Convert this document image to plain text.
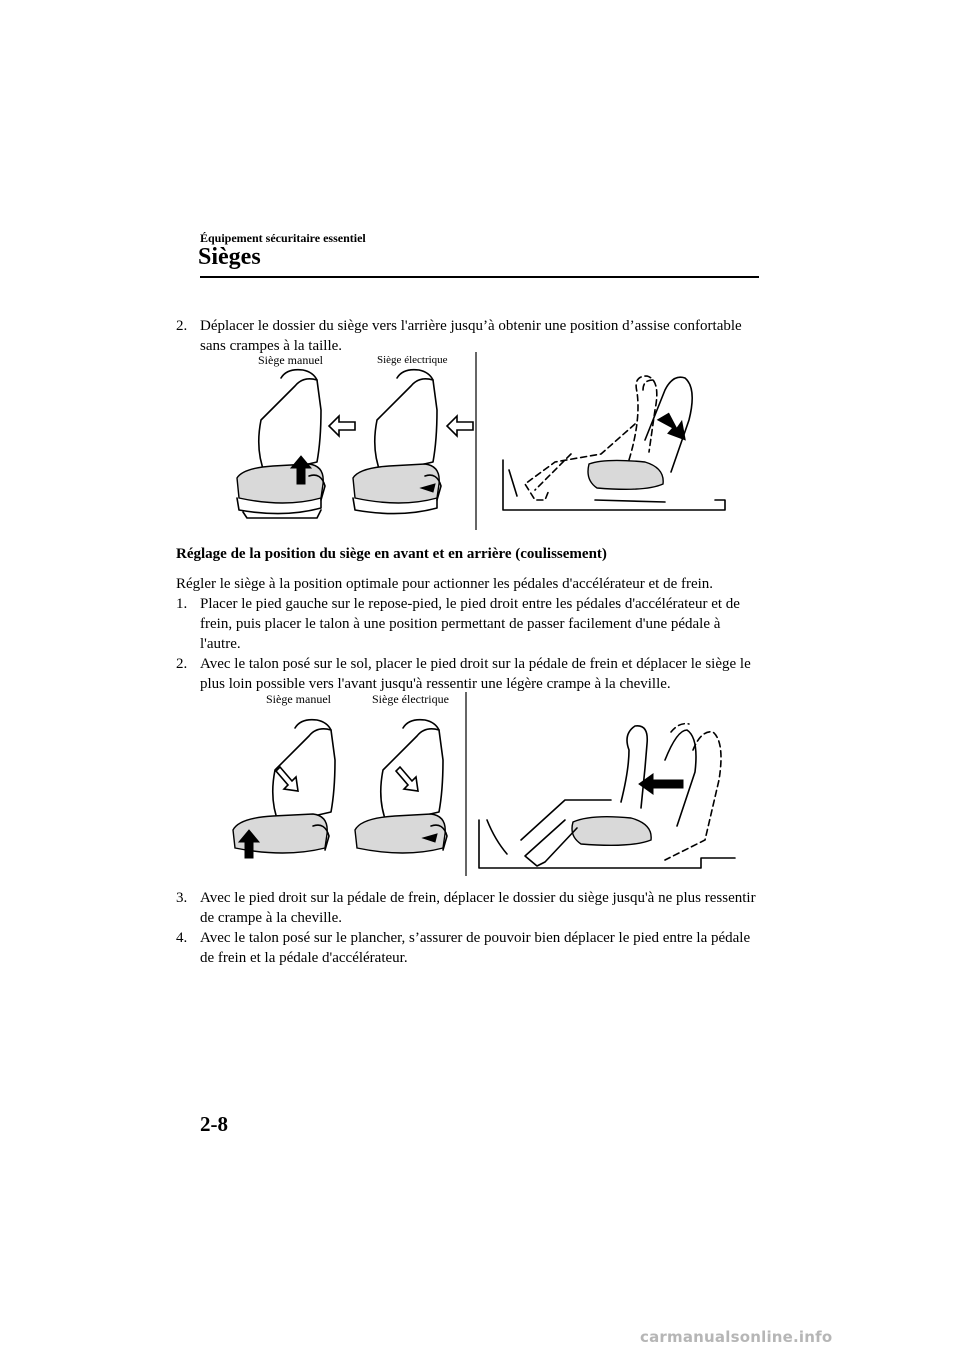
Équipement sécuritaire essentiel
Sièges
2. Déplacer le dossier du siège vers l'arrière jusqu’à obtenir une position d’assise confortable sans crampes à la taille.
Siège manuel	Siège électrique
Réglage de la position du siège en avant et en arrière (coulissement)
Régler le siège à la position optimale pour actionner les pédales d'accélérateur et de frein.
1. Placer le pied gauche sur le repose-pied, le pied droit entre les pédales d'accélérateur et de frein, puis placer le talon à une position permettant de passer facilement d'une pédale à l'autre.
2. Avec le talon posé sur le sol, placer le pied droit sur la pédale de frein et déplacer le siège le plus loin possible vers l'avant jusqu'à ressentir une légère crampe à la cheville.
Siège manuel	Siège électrique
3. Avec le pied droit sur la pédale de frein, déplacer le dossier du siège jusqu'à ne plus ressentir de crampe à la cheville.
4. Avec le talon posé sur le plancher, s’assurer de pouvoir bien déplacer le pied entre la pédale de frein et la pédale d'accélérateur.
2-8
carmanualsonline.info
